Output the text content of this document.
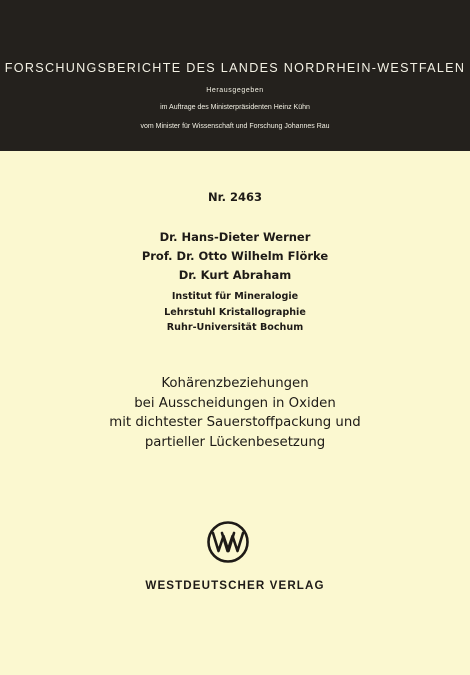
FORSCHUNGSBERICHTE DES LANDES NORDRHEIN-WESTFALEN
Herausgegeben
im Auftrage des Ministerpräsidenten Heinz Kühn
vom Minister für Wissenschaft und Forschung Johannes Rau
Nr. 2463
Dr. Hans-Dieter Werner
Prof. Dr. Otto Wilhelm Flörke
Dr. Kurt Abraham
Institut für Mineralogie
Lehrstuhl Kristallographie
Ruhr-Universität Bochum
Kohärenzbeziehungen
bei Ausscheidungen in Oxiden
mit dichtester Sauerstoffpackung und
partieller Lückenbesetzung
WESTDEUTSCHER VERLAG
